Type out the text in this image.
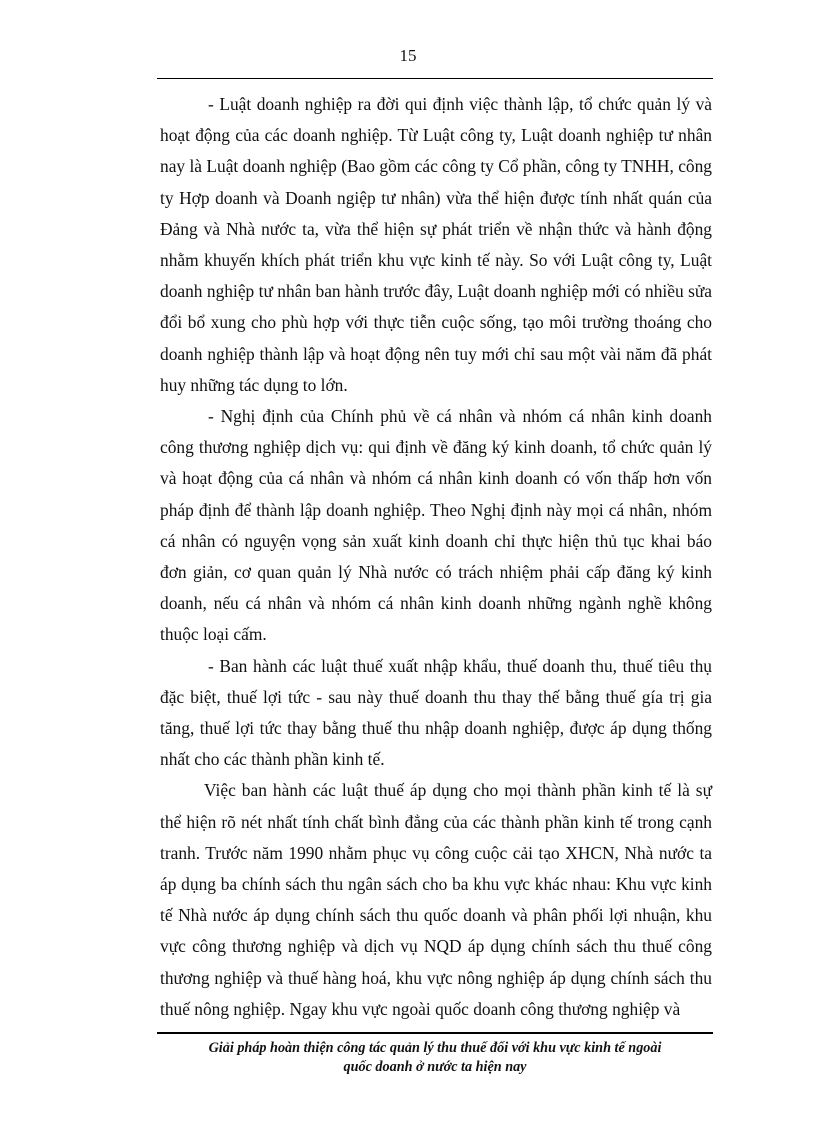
15

- Luật doanh nghiệp ra đời qui định việc thành lập, tổ chức quản lý và hoạt động của các doanh nghiệp. Từ Luật công ty, Luật doanh nghiệp tư nhân nay là Luật doanh nghiệp (Bao gồm các công ty Cổ phần, công ty TNHH, công ty Hợp doanh và Doanh ngiệp tư nhân) vừa thể hiện được tính nhất quán của Đảng và Nhà nước ta, vừa thể hiện sự phát triển về nhận thức và hành động nhằm khuyến khích phát triển khu vực kinh tế này. So với Luật công ty, Luật doanh nghiệp tư nhân ban hành trước đây, Luật doanh nghiệp mới có nhiều sửa đổi bổ xung cho phù hợp với thực tiễn cuộc sống, tạo môi trường thoáng cho doanh nghiệp thành lập và hoạt động nên tuy mới chỉ sau một vài năm đã phát huy những tác dụng to lớn.

- Nghị định của Chính phủ về cá nhân và nhóm cá nhân kinh doanh công thương nghiệp dịch vụ: qui định về đăng ký kinh doanh, tổ chức quản lý và hoạt động của cá nhân và nhóm cá nhân kinh doanh có vốn thấp hơn vốn pháp định để thành lập doanh nghiệp. Theo Nghị định này mọi cá nhân, nhóm cá nhân có nguyện vọng sản xuất kinh doanh chỉ thực hiện thủ tục khai báo đơn giản, cơ quan quản lý Nhà nước có trách nhiệm phải cấp đăng ký kinh doanh, nếu cá nhân và nhóm cá nhân kinh doanh những ngành nghề không thuộc loại cấm.

- Ban hành các luật thuế xuất nhập khẩu, thuế doanh thu, thuế tiêu thụ đặc biệt, thuế lợi tức - sau này thuế doanh thu thay thế bằng thuế gía trị gia tăng, thuế lợi tức thay bằng thuế thu nhập doanh nghiệp, được áp dụng thống nhất cho các thành phần kinh tế.

Việc ban hành các luật thuế áp dụng cho mọi thành phần kinh tế là sự thể hiện rõ nét nhất tính chất bình đẳng của các thành phần kinh tế trong cạnh tranh. Trước năm 1990 nhằm phục vụ công cuộc cải tạo XHCN, Nhà nước ta áp dụng ba chính sách thu ngân sách cho ba khu vực khác nhau: Khu vực kinh tế Nhà nước áp dụng chính sách thu quốc doanh và phân phối lợi nhuận, khu vực công thương nghiệp và dịch vụ NQD áp dụng chính sách thu thuế công thương nghiệp và thuế hàng hoá, khu vực nông nghiệp áp dụng chính sách thu thuế nông nghiệp. Ngay khu vực ngoài quốc doanh công thương nghiệp và

Giải pháp hoàn thiện công tác quản lý thu thuế đối với khu vực kinh tế ngoài
quốc doanh ở nước ta hiện nay
